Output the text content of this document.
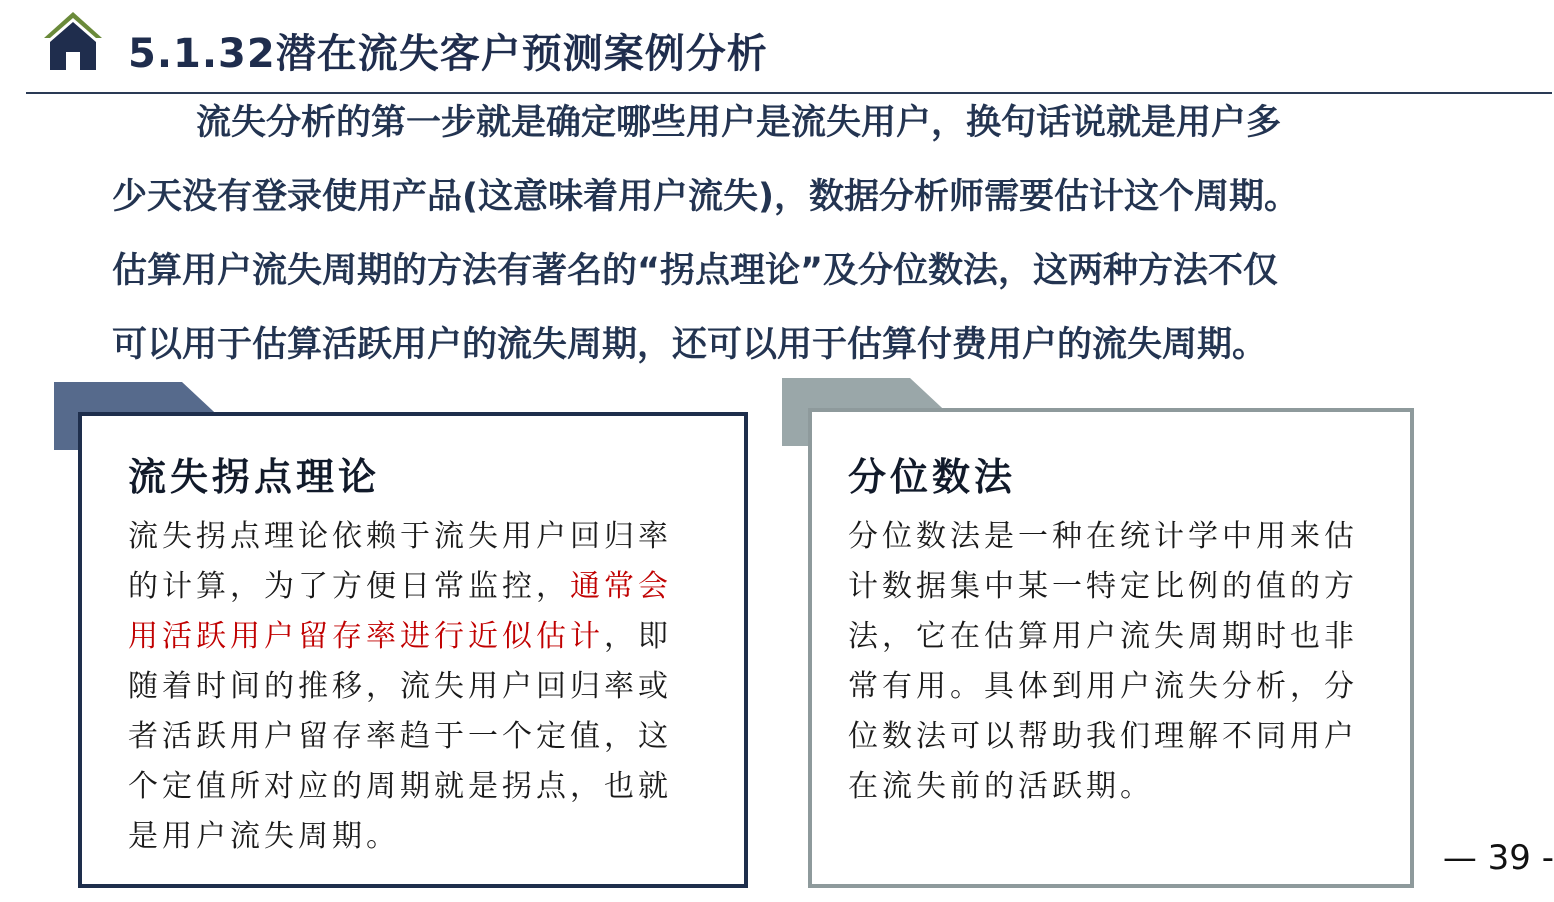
5.1.32潜在流失客户预测案例分析
流失分析的第一步就是确定哪些用户是流失用户，换句话说就是用户多
少天没有登录使用产品(这意味着用户流失)，数据分析师需要估计这个周期。
估算用户流失周期的方法有著名的“拐点理论”及分位数法，这两种方法不仅
可以用于估算活跃用户的流失周期，还可以用于估算付费用户的流失周期。
流失拐点理论
流失拐点理论依赖于流失用户回归率
的计算，为了方便日常监控，通常会
用活跃用户留存率进行近似估计，即
随着时间的推移，流失用户回归率或
者活跃用户留存率趋于一个定值，这
个定值所对应的周期就是拐点，也就
是用户流失周期。
分位数法
分位数法是一种在统计学中用来估
计数据集中某一特定比例的值的方
法，它在估算用户流失周期时也非
常有用。具体到用户流失分析，分
位数法可以帮助我们理解不同用户
在流失前的活跃期。
— 39 -
